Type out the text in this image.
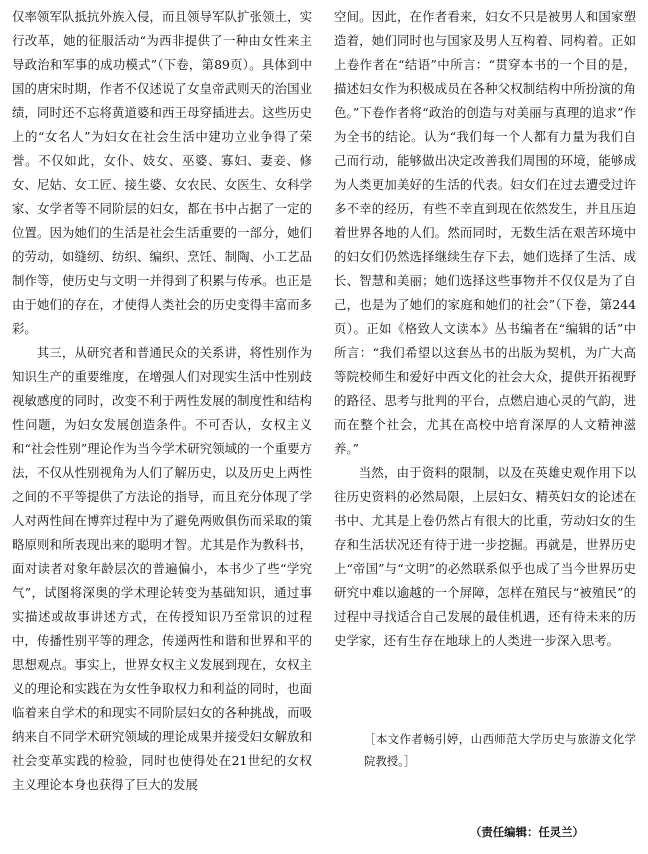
仅率领军队抵抗外族入侵，而且领导军队扩张领土，实行改革，她的征服活动“为西非提供了一种由女性来主导政治和军事的成功模式”（下卷，第89页）。具体到中国的唐宋时期，作者不仅述说了女皇帝武则天的治国业绩，同时还不忘将黄道婆和西王母穿插进去。这些历史上的“女名人”为妇女在社会生活中建功立业争得了荣誉。不仅如此，女仆、妓女、巫婆、寡妇、妻妾、修女、尼姑、女工匠、接生婆、女农民、女医生、女科学家、女学者等不同阶层的妇女，都在书中占据了一定的位置。因为她们的生活是社会生活重要的一部分，她们的劳动，如缝纫、纺织、编织、烹饪、制陶、小工艺品制作等，使历史与文明一并得到了积累与传承。也正是由于她们的存在，才使得人类社会的历史变得丰富而多彩。

其三，从研究者和普通民众的关系讲，将性别作为知识生产的重要维度，在增强人们对现实生活中性别歧视敏感度的同时，改变不利于两性发展的制度性和结构性问题，为妇女发展创造条件。不可否认，女权主义和“社会性别”理论作为当今学术研究领域的一个重要方法，不仅从性别视角为人们了解历史，以及历史上两性之间的不平等提供了方法论的指导，而且充分体现了学人对两性间在博弈过程中为了避免两败俱伤而采取的策略原则和所表现出来的聪明才智。尤其是作为教科书，面对读者对象年龄层次的普遍偏小，本书少了些“学究气”，试图将深奥的学术理论转变为基础知识，通过事实描述或故事讲述方式，在传授知识乃至常识的过程中，传播性别平等的理念，传递两性和谐和世界和平的思想观点。事实上，世界女权主义发展到现在，女权主义的理论和实践在为女性争取权力和利益的同时，也面临着来自学术的和现实不同阶层妇女的各种挑战，而吸纳来自不同学术研究领域的理论成果并接受妇女解放和社会变革实践的检验，同时也使得处在21世纪的女权主义理论本身也获得了巨大的发展

空间。因此，在作者看来，妇女不只是被男人和国家塑造着，她们同时也与国家及男人互构着、同构着。正如上卷作者在“结语”中所言：“贯穿本书的一个目的是，描述妇女作为积极成员在各种父权制结构中所扮演的角色。”下卷作者将“政治的创造与对美丽与真理的追求”作为全书的结论。认为“我们每一个人都有力量为我们自己而行动，能够做出决定改善我们周围的环境，能够成为人类更加美好的生活的代表。妇女们在过去遭受过许多不幸的经历，有些不幸直到现在依然发生，并且压迫着世界各地的人们。然而同时，无数生活在艰苦环境中的妇女们仍然选择继续生存下去，她们选择了生活、成长、智慧和美丽；她们选择这些事物并不仅仅是为了自己，也是为了她们的家庭和她们的社会”（下卷，第244页）。正如《格致人文读本》丛书编者在“编辑的话”中所言：“我们希望以这套丛书的出版为契机，为广大高等院校师生和爱好中西文化的社会大众，提供开拓视野的路径、思考与批判的平台，点燃启迪心灵的气韵，进而在整个社会，尤其在高校中培育深厚的人文精神滋养。”

当然，由于资料的限制，以及在英雄史观作用下以往历史资料的必然局限，上层妇女、精英妇女的论述在书中、尤其是上卷仍然占有很大的比重，劳动妇女的生存和生活状况还有待于进一步挖掘。再就是，世界历史上“帝国”与“文明”的必然联系似乎也成了当今世界历史研究中难以逾越的一个屏障，怎样在殖民与“被殖民”的过程中寻找适合自己发展的最佳机遇，还有待未来的历史学家，还有生存在地球上的人类进一步深入思考。

［本文作者畅引婷，山西师范大学历史与旅游文化学院教授。］

（责任编辑：任灵兰）
